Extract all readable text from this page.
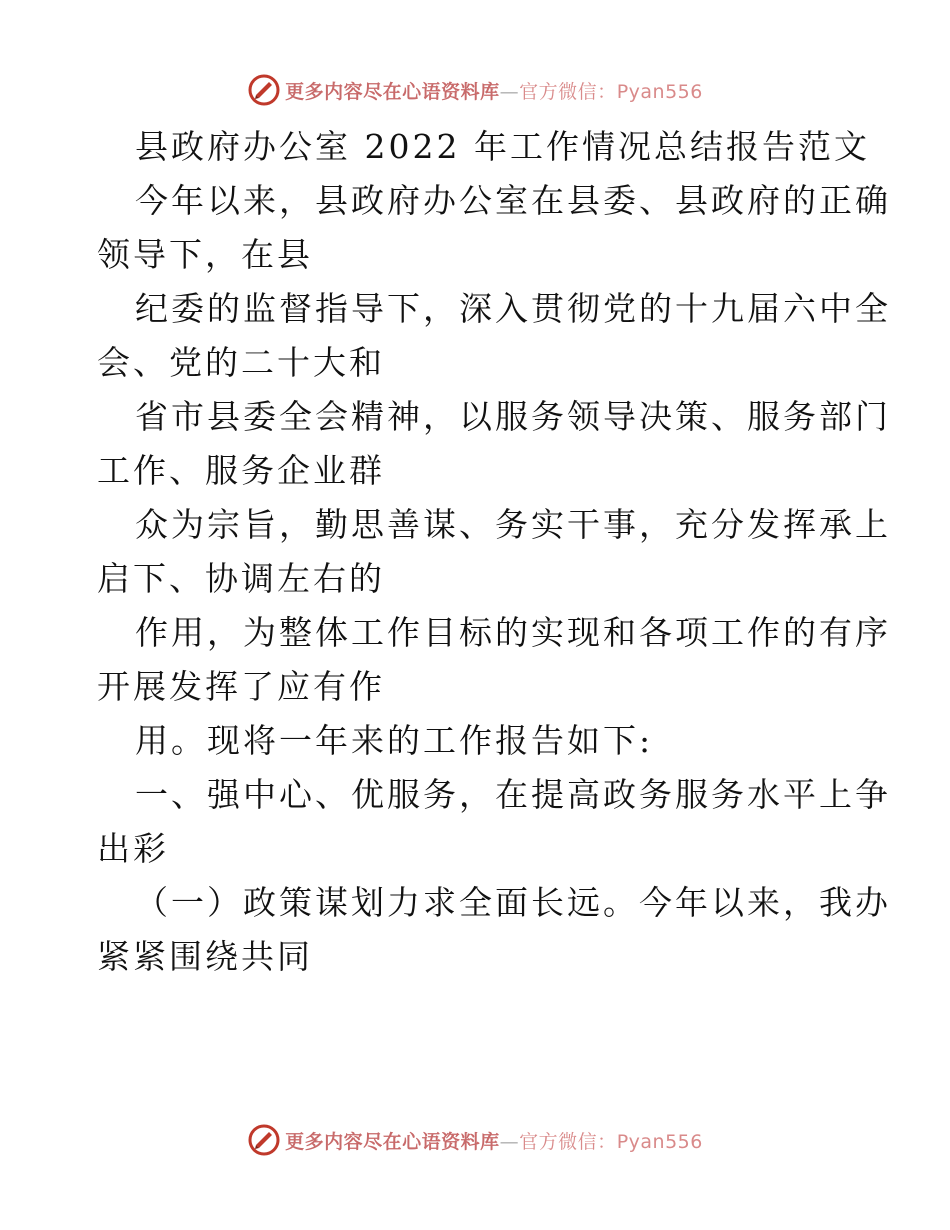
更多内容尽在心语资料库—官方微信：Pyan556
县政府办公室 2022 年工作情况总结报告范文
今年以来，县政府办公室在县委、县政府的正确
领导下，在县
纪委的监督指导下，深入贯彻党的十九届六中全
会、党的二十大和
省市县委全会精神，以服务领导决策、服务部门
工作、服务企业群
众为宗旨，勤思善谋、务实干事，充分发挥承上
启下、协调左右的
作用，为整体工作目标的实现和各项工作的有序
开展发挥了应有作
用。现将一年来的工作报告如下:
一、强中心、优服务，在提高政务服务水平上争
出彩
（一）政策谋划力求全面长远。今年以来，我办
紧紧围绕共同
更多内容尽在心语资料库—官方微信：Pyan556
